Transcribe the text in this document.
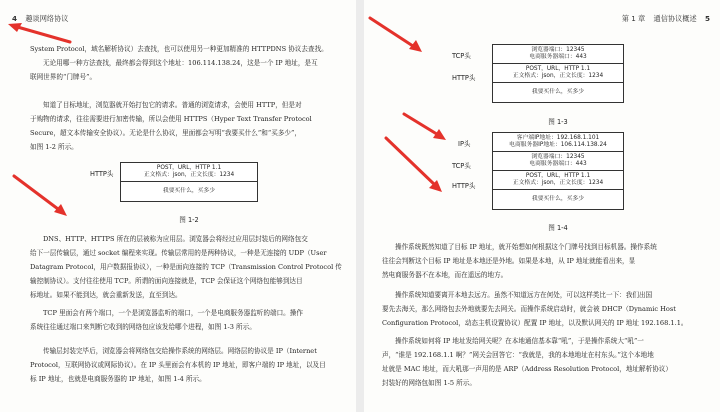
4 趣谈网络协议
System Protocol，域名解析协议）去查找，也可以使用另一种更加精准的 HTTPDNS 协议去查找。
无论用哪一种方法查找，最终都会得到这个地址：106.114.138.24，这是一个 IP 地址，是互
联网世界的“门牌号”。
知道了目标地址，浏览器就开始打包它的请求。普通的浏览请求，会使用 HTTP，但是对
于购物的请求，往往需要进行加密传输，所以会使用 HTTPS（Hyper Text Transfer Protocol
Secure，超文本传输安全协议）。无论是什么协议，里面都会写明“我要买什么”和“买多少”，
如图 1-2 所示。
HTTP头
POST，URL，HTTP 1.1
正文格式：json，正文长度：1234
我要买什么，买多少
图 1-2
DNS、HTTP、HTTPS 所在的层被称为应用层。浏览器会将经过应用层封装后的网络包交
给下一层传输层，通过 socket 编程来实现。传输层常用的是两种协议，一种是无连接的 UDP（User
Datagram Protocol，用户数据报协议），一种是面向连接的 TCP（Transmission Control Protocol 传
输控制协议）。支付往往使用 TCP。所谓的面向连接就是，TCP 会保证这个网络包能够到达目
标地址。如果不能到达，就会重新发送，直至到达。
TCP 里面会有两个端口，一个是浏览器监听的端口，一个是电商服务器监听的端口。操作
系统往往通过端口来判断它收到的网络包应该发给哪个进程，如图 1-3 所示。
传输层封装完毕后，浏览器会将网络包交给操作系统的网络层。网络层的协议是 IP（Internet
Protocol，互联网协议或网际协议）。在 IP 头里面会有本机的 IP 地址，即客户端的 IP 地址，以及目
标 IP 地址，也就是电商服务器的 IP 地址，如图 1-4 所示。
第 1 章 通信协议概述 5
TCP头
HTTP头
浏览器端口：12345
电商服务器端口：443
POST，URL，HTTP 1.1
正文格式：json，正文长度：1234
我要买什么，买多少
图 1-3
IP头
TCP头
HTTP头
客户端IP地址：192.168.1.101
电商服务器IP地址：106.114.138.24
浏览器端口：12345
电商服务器端口：443
POST，URL，HTTP 1.1
正文格式：json，正文长度：1234
我要买什么，买多少
图 1-4
操作系统既然知道了目标 IP 地址，就开始想如何根据这个门牌号找到目标机器。操作系统
往往会判断这个目标 IP 地址是本地还是外地。如果是本地，从 IP 地址就能看出来，显
然电商服务器不在本地，而在遥远的地方。
操作系统知道要离开本地去远方。虽然不知道远方在何处，可以这样类比一下：我们出国
要先去海关，那么网络包去外地就要先去网关。而操作系统启动时，就会被 DHCP（Dynamic Host
Configuration Protocol，动态主机设置协议）配置 IP 地址，以及默认网关的 IP 地址 192.168.1.1。
操作系统如何将 IP 地址发给网关呢？在本地通信基本靠“吼”，于是操作系统大“吼”一
声，“谁是 192.168.1.1 啊？”网关会回答它：“我就是，我的本地地址在村东头。”这个本地地
址就是 MAC 地址，而大吼那一声用的是 ARP（Address Resolution Protocol，地址解析协议）
封装好的网络包如图 1-5 所示。
